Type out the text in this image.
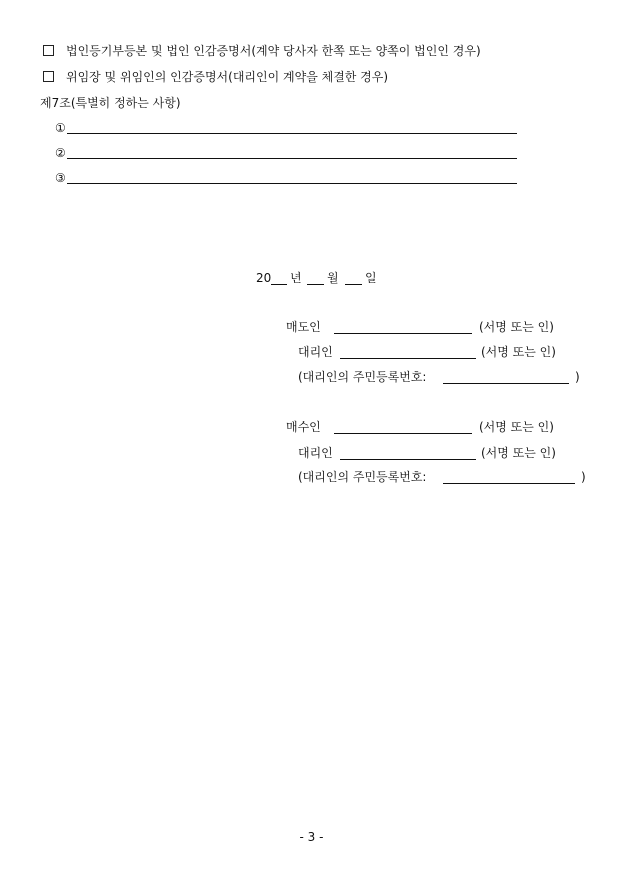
법인등기부등본 및 법인 인감증명서(계약 당사자 한쪽 또는 양쪽이 법인인 경우)
위임장 및 위임인의 인감증명서(대리인이 계약을 체결한 경우)
제7조(특별히 정하는 사항)
①
②
③
20 년 월 일
매도인	(서명 또는 인)
대리인	(서명 또는 인)
(대리인의 주민등록번호:	)
매수인	(서명 또는 인)
대리인	(서명 또는 인)
(대리인의 주민등록번호:	)
- 3 -
